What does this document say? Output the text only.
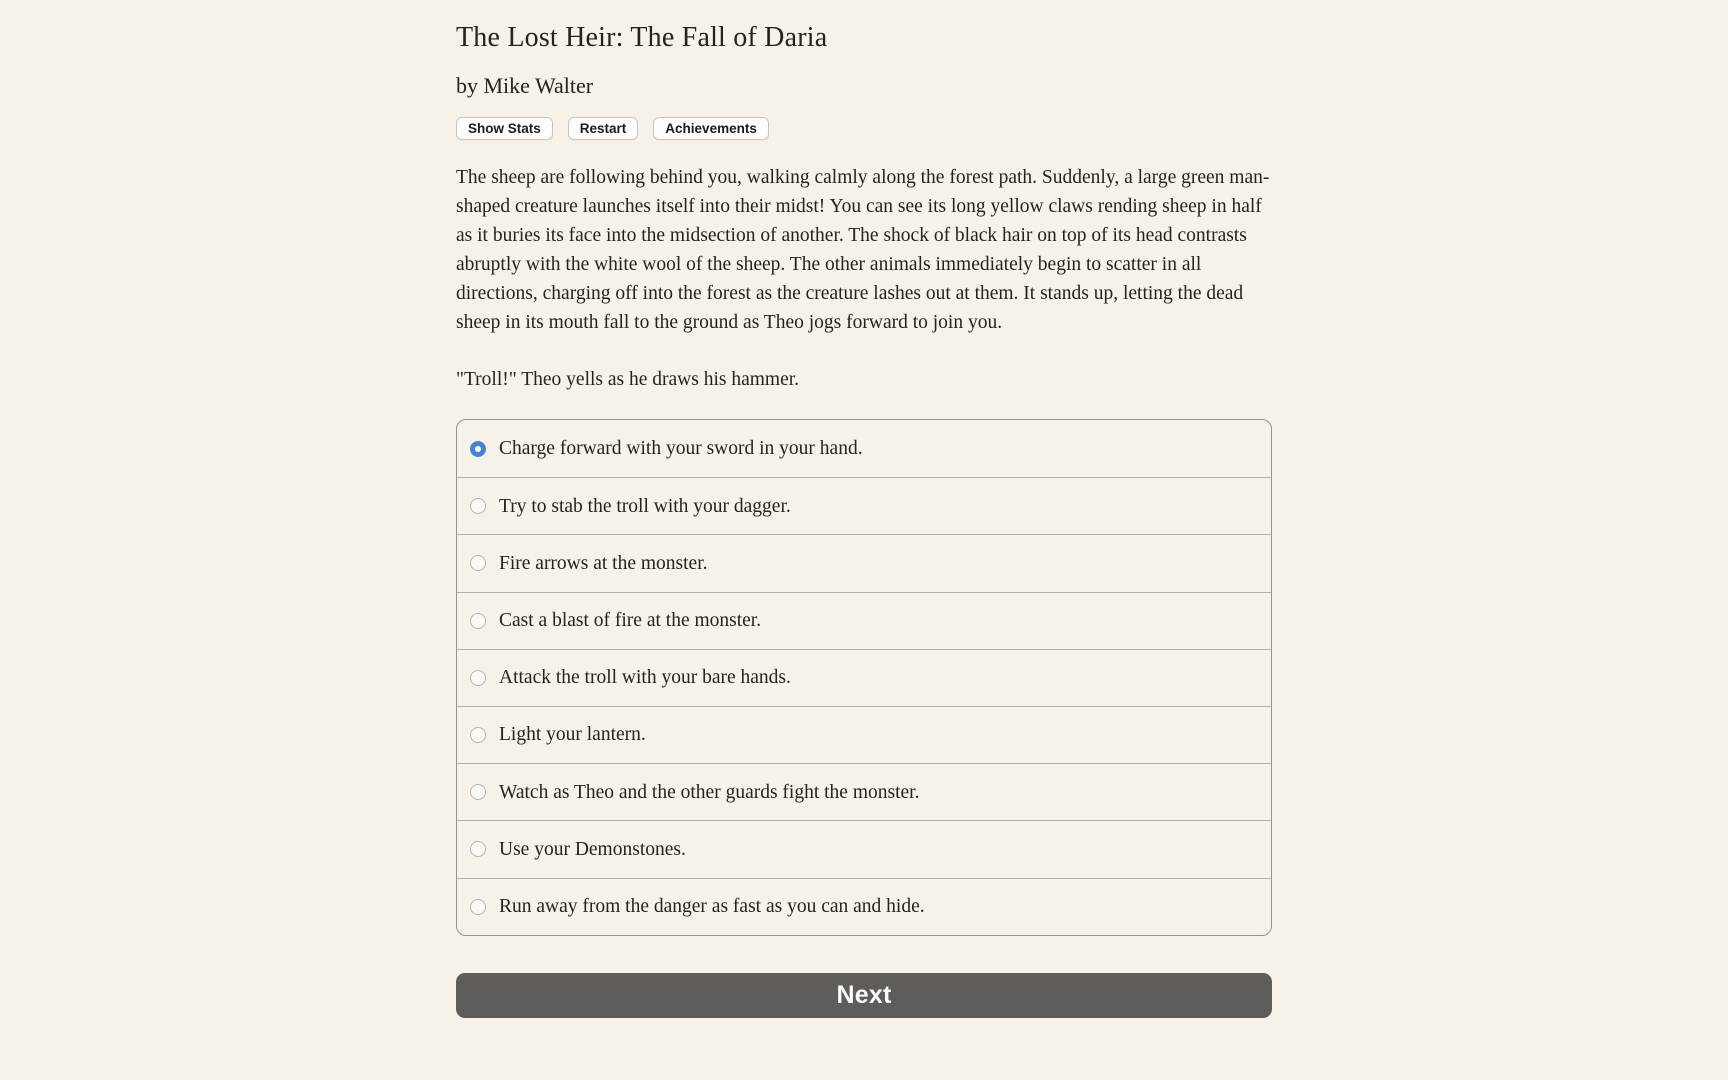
The Lost Heir: The Fall of Daria
by Mike Walter
Show Stats	Restart	Achievements

The sheep are following behind you, walking calmly along the forest path. Suddenly, a large green man-shaped creature launches itself into their midst! You can see its long yellow claws rending sheep in half as it buries its face into the midsection of another. The shock of black hair on top of its head contrasts abruptly with the white wool of the sheep. The other animals immediately begin to scatter in all directions, charging off into the forest as the creature lashes out at them. It stands up, letting the dead sheep in its mouth fall to the ground as Theo jogs forward to join you.

"Troll!" Theo yells as he draws his hammer.

Charge forward with your sword in your hand.
Try to stab the troll with your dagger.
Fire arrows at the monster.
Cast a blast of fire at the monster.
Attack the troll with your bare hands.
Light your lantern.
Watch as Theo and the other guards fight the monster.
Use your Demonstones.
Run away from the danger as fast as you can and hide.
Next
